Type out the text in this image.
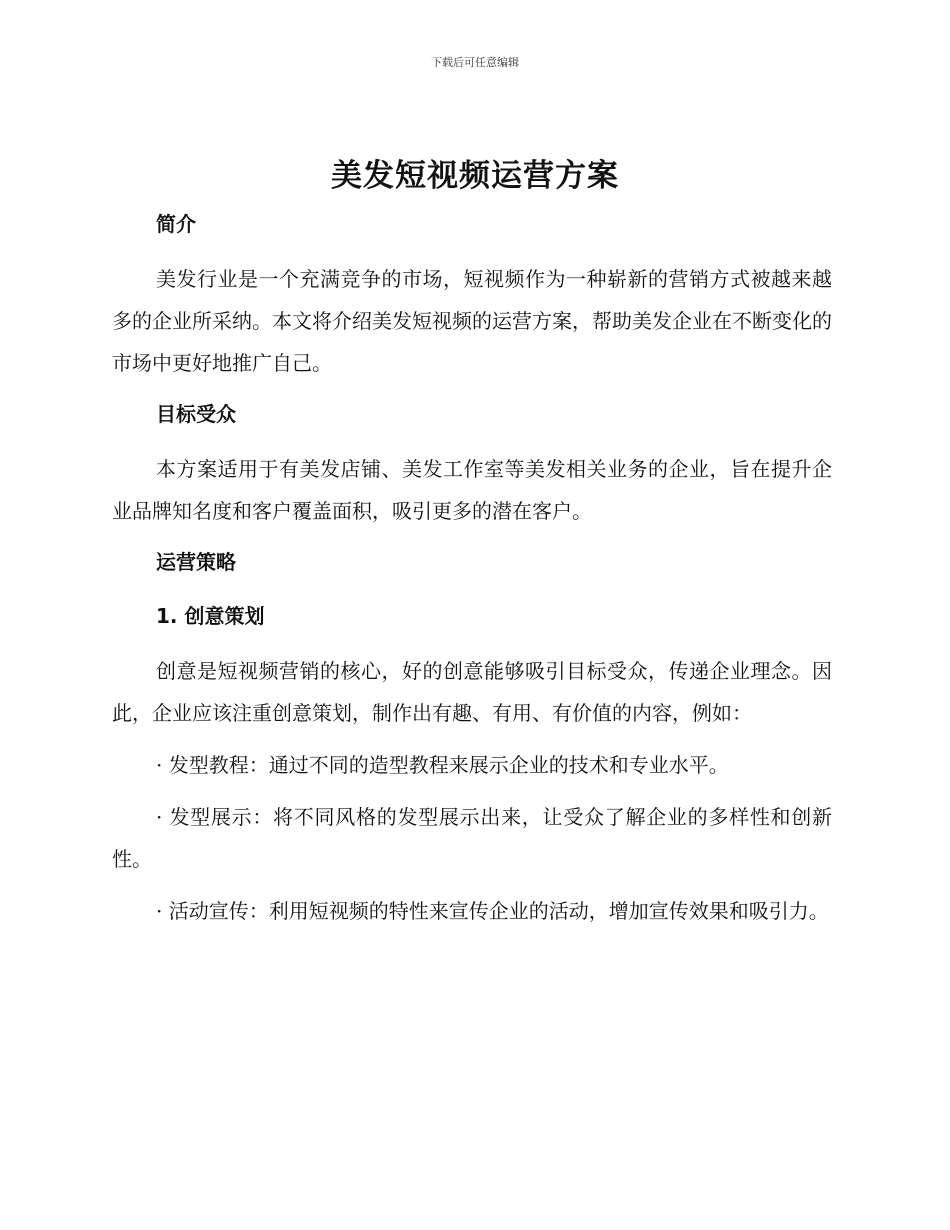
下载后可任意编辑
美发短视频运营方案

简介

美发行业是一个充满竞争的市场，短视频作为一种崭新的营销方式被越来越多的企业所采纳。本文将介绍美发短视频的运营方案，帮助美发企业在不断变化的市场中更好地推广自己。

目标受众

本方案适用于有美发店铺、美发工作室等美发相关业务的企业，旨在提升企业品牌知名度和客户覆盖面积，吸引更多的潜在客户。

运营策略

1. 创意策划

创意是短视频营销的核心，好的创意能够吸引目标受众，传递企业理念。因此，企业应该注重创意策划，制作出有趣、有用、有价值的内容，例如：

· 发型教程：通过不同的造型教程来展示企业的技术和专业水平。

· 发型展示：将不同风格的发型展示出来，让受众了解企业的多样性和创新性。

· 活动宣传：利用短视频的特性来宣传企业的活动，增加宣传效果和吸引力。
